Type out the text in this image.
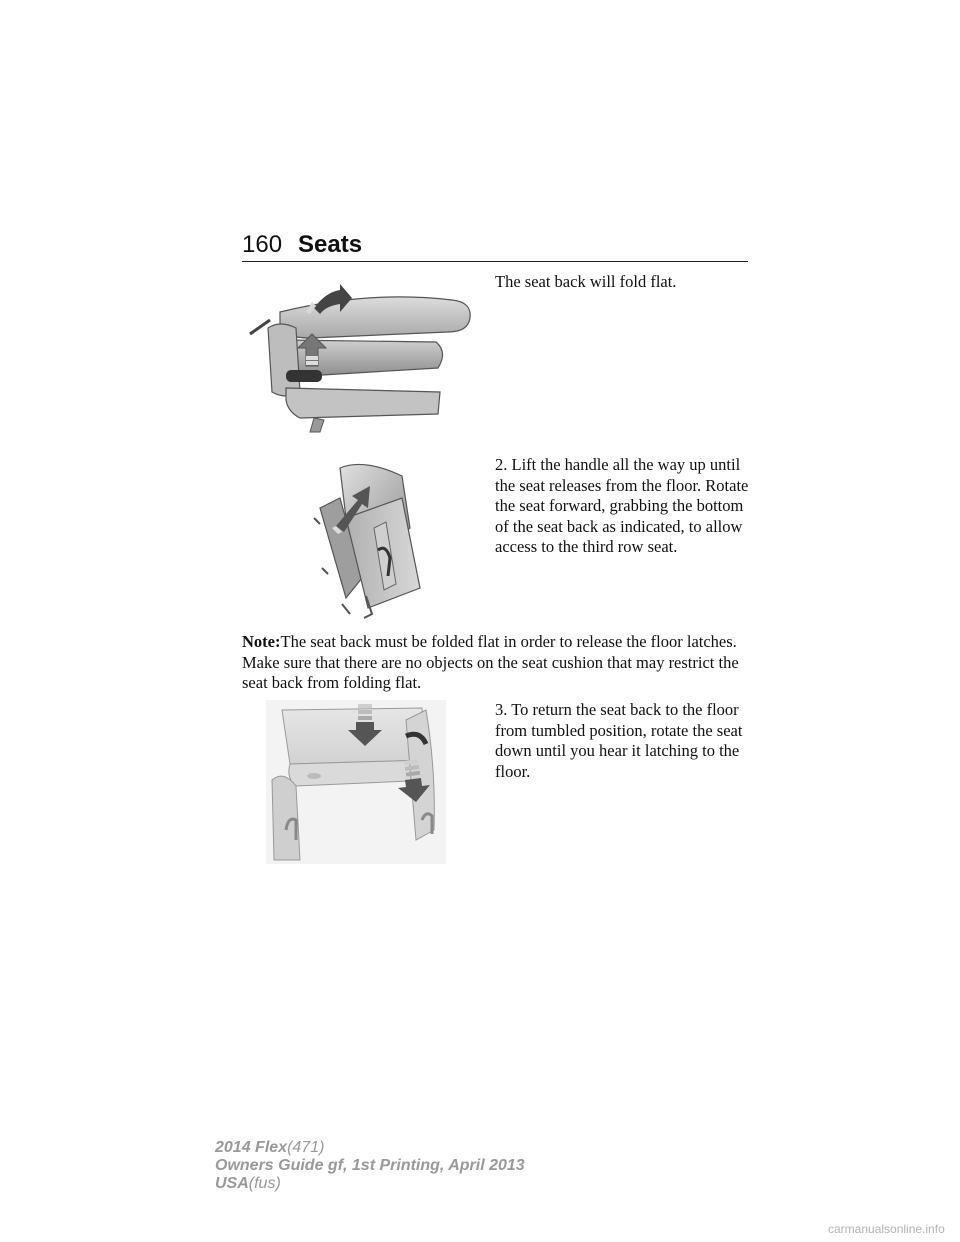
160 Seats

The seat back will fold flat.

2. Lift the handle all the way up until the seat releases from the floor. Rotate the seat forward, grabbing the bottom of the seat back as indicated, to allow access to the third row seat.

Note:The seat back must be folded flat in order to release the floor latches. Make sure that there are no objects on the seat cushion that may restrict the seat back from folding flat.

3. To return the seat back to the floor from tumbled position, rotate the seat down until you hear it latching to the floor.

2014 Flex(471)
Owners Guide gf, 1st Printing, April 2013
USA(fus)
carmanualsonline.info
